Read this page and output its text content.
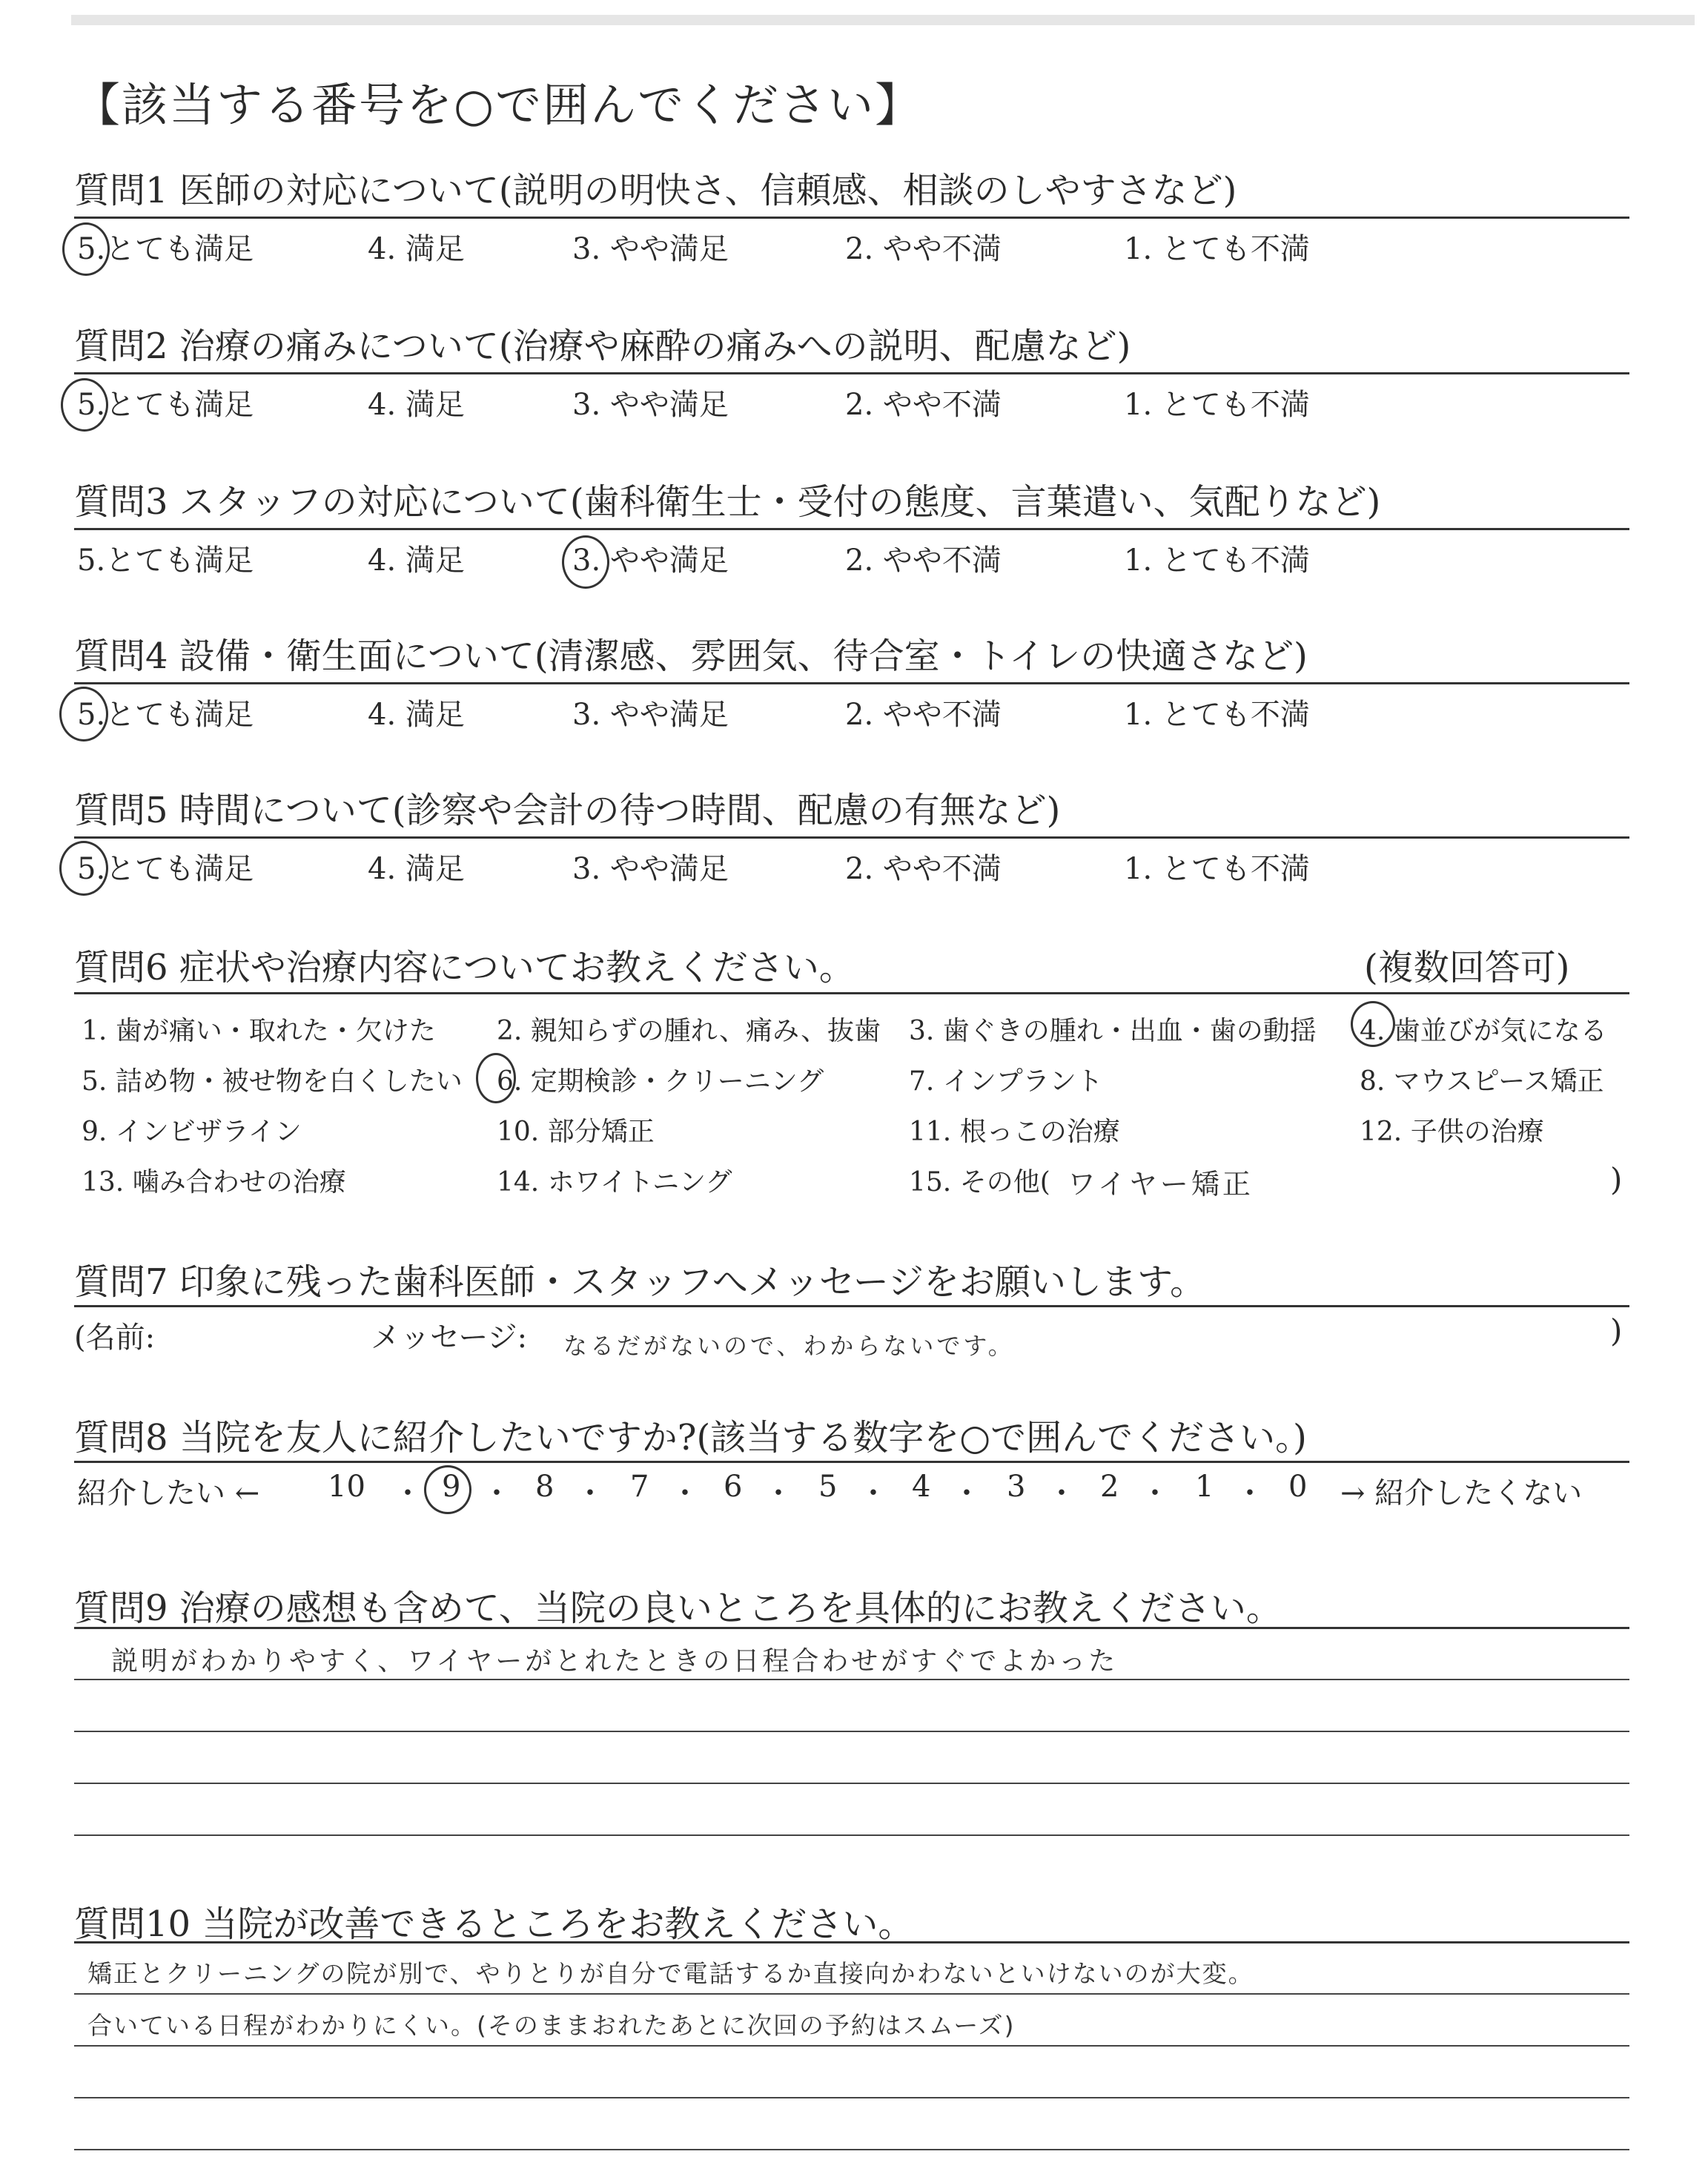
【該当する番号を○で囲んでください】
質問1 医師の対応について(説明の明快さ、信頼感、相談のしやすさなど)
5.とても満足	4. 満足	3. やや満足	2. やや不満	1. とても不満
質問2 治療の痛みについて(治療や麻酔の痛みへの説明、配慮など)
5.とても満足	4. 満足	3. やや満足	2. やや不満	1. とても不満
質問3 スタッフの対応について(歯科衛生士・受付の態度、言葉遣い、気配りなど)
5.とても満足	4. 満足	3. やや満足	2. やや不満	1. とても不満
質問4 設備・衛生面について(清潔感、雰囲気、待合室・トイレの快適さなど)
5.とても満足	4. 満足	3. やや満足	2. やや不満	1. とても不満
質問5 時間について(診察や会計の待つ時間、配慮の有無など)
5.とても満足	4. 満足	3. やや満足	2. やや不満	1. とても不満
質問6 症状や治療内容についてお教えください。	(複数回答可)
1. 歯が痛い・取れた・欠けた 2. 親知らずの腫れ、痛み、抜歯 3. 歯ぐきの腫れ・出血・歯の動揺 4. 歯並びが気になる
5. 詰め物・被せ物を白くしたい 6. 定期検診・クリーニング	7. インプラント	8. マウスピース矯正
9. インビザライン	10. 部分矯正	11. 根っこの治療	12. 子供の治療
13. 噛み合わせの治療	14. ホワイトニング	15. その他( ワイヤー矯正	)
質問7 印象に残った歯科医師・スタッフへメッセージをお願いします。
(名前:	メッセージ: なるだがないので、わからないです。	)
質問8 当院を友人に紹介したいですか?(該当する数字を○で囲んでください。)
紹介したい ← 10 ・ 9 ・ 8 ・ 7 ・ 6 ・ 5 ・ 4 ・ 3 ・ 2 ・ 1 ・ 0 → 紹介したくない
質問9 治療の感想も含めて、当院の良いところを具体的にお教えください。
説明がわかりやすく、ワイヤーがとれたときの日程合わせがすぐでよかった
質問10 当院が改善できるところをお教えください。
矯正とクリーニングの院が別で、やりとりが自分で電話するか直接向かわないといけないのが大変。
合いている日程がわかりにくい。(そのままおれたあとに次回の予約はスムーズ)
